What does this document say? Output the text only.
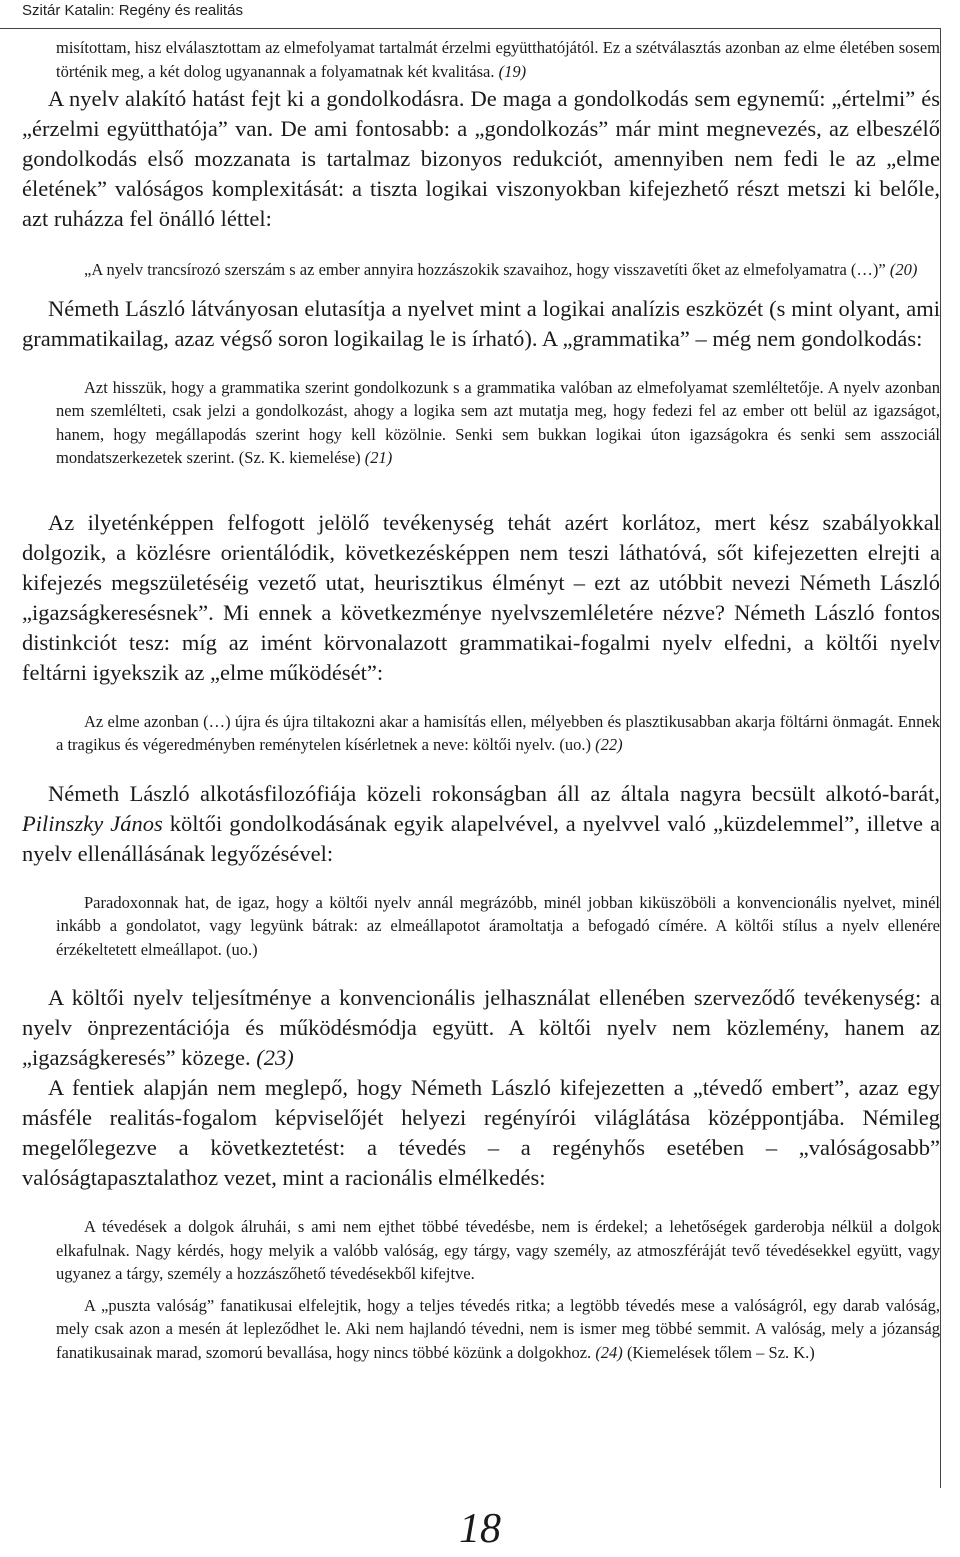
Szitár Katalin: Regény és realitás

misítottam, hisz elválasztottam az elmefolyamat tartalmát érzelmi együtthatójától. Ez a szétválasztás azonban az elme életében sosem történik meg, a két dolog ugyanannak a folyamatnak két kvalitása. (19)

A nyelv alakító hatást fejt ki a gondolkodásra. De maga a gondolkodás sem egynemű: „értelmi” és „érzelmi együtthatója” van. De ami fontosabb: a „gondolkozás” már mint megnevezés, az elbeszélő gondolkodás első mozzanata is tartalmaz bizonyos redukciót, amennyiben nem fedi le az „elme életének” valóságos komplexitását: a tiszta logikai viszonyokban kifejezhető részt metszi ki belőle, azt ruházza fel önálló léttel:

„A nyelv trancsírozó szerszám s az ember annyira hozzászokik szavaihoz, hogy visszavetíti őket az elmefolyamatra (…)” (20)

Németh László látványosan elutasítja a nyelvet mint a logikai analízis eszközét (s mint olyant, ami grammatikailag, azaz végső soron logikailag le is írható). A „grammatika” – még nem gondolkodás:

Azt hisszük, hogy a grammatika szerint gondolkozunk s a grammatika valóban az elmefolyamat szemléltetője. A nyelv azonban nem szemlélteti, csak jelzi a gondolkozást, ahogy a logika sem azt mutatja meg, hogy fedezi fel az ember ott belül az igazságot, hanem, hogy megállapodás szerint hogy kell közölnie. Senki sem bukkan logikai úton igazságokra és senki sem asszociál mondatszerkezetek szerint. (Sz. K. kiemelése) (21)

Az ilyeténképpen felfogott jelölő tevékenység tehát azért korlátoz, mert kész szabályokkal dolgozik, a közlésre orientálódik, következésképpen nem teszi láthatóvá, sőt kifejezetten elrejti a kifejezés megszületéséig vezető utat, heurisztikus élményt – ezt az utóbbit nevezi Németh László „igazságkeresésnek”. Mi ennek a következménye nyelvszemléletére nézve? Németh László fontos distinkciót tesz: míg az imént körvonalazott grammatikai-fogalmi nyelv elfedni, a költői nyelv feltárni igyekszik az „elme működését”:

Az elme azonban (…) újra és újra tiltakozni akar a hamisítás ellen, mélyebben és plasztikusabban akarja föltárni önmagát. Ennek a tragikus és végeredményben reménytelen kísérletnek a neve: költői nyelv. (uo.) (22)

Németh László alkotásfilozófiája közeli rokonságban áll az általa nagyra becsült alkotó-barát, Pilinszky János költői gondolkodásának egyik alapelvével, a nyelvvel való „küzdelemmel”, illetve a nyelv ellenállásának legyőzésével:

Paradoxonnak hat, de igaz, hogy a költői nyelv annál megrázóbb, minél jobban kiküszöböli a konvencionális nyelvet, minél inkább a gondolatot, vagy legyünk bátrak: az elmeállapotot áramoltatja a befogadó címére. A költői stílus a nyelv ellenére érzékeltetett elmeállapot. (uo.)

A költői nyelv teljesítménye a konvencionális jelhasználat ellenében szerveződő tevékenység: a nyelv önprezentációja és működésmódja együtt. A költői nyelv nem közlemény, hanem az „igazságkeresés” közege. (23)

A fentiek alapján nem meglepő, hogy Németh László kifejezetten a „tévedő embert”, azaz egy másféle realitás-fogalom képviselőjét helyezi regényírói világlátása középpontjába. Némileg megelőlegezve a következtetést: a tévedés – a regényhős esetében – „valóságosabb” valóságtapasztalathoz vezet, mint a racionális elmélkedés:

A tévedések a dolgok álruhái, s ami nem ejthet többé tévedésbe, nem is érdekel; a lehetőségek garderobja nélkül a dolgok elkafulnak. Nagy kérdés, hogy melyik a valóbb valóság, egy tárgy, vagy személy, az atmoszféráját tevő tévedésekkel együtt, vagy ugyanez a tárgy, személy a hozzászőhető tévedésekből kifejtve.

A „puszta valóság” fanatikusai elfelejtik, hogy a teljes tévedés ritka; a legtöbb tévedés mese a valóságról, egy darab valóság, mely csak azon a mesén át lepleződhet le. Aki nem hajlandó tévedni, nem is ismer meg többé semmit. A valóság, mely a józanság fanatikusainak marad, szomorú bevallása, hogy nincs többé közünk a dolgokhoz. (24) (Kiemelések tőlem – Sz. K.)

18
